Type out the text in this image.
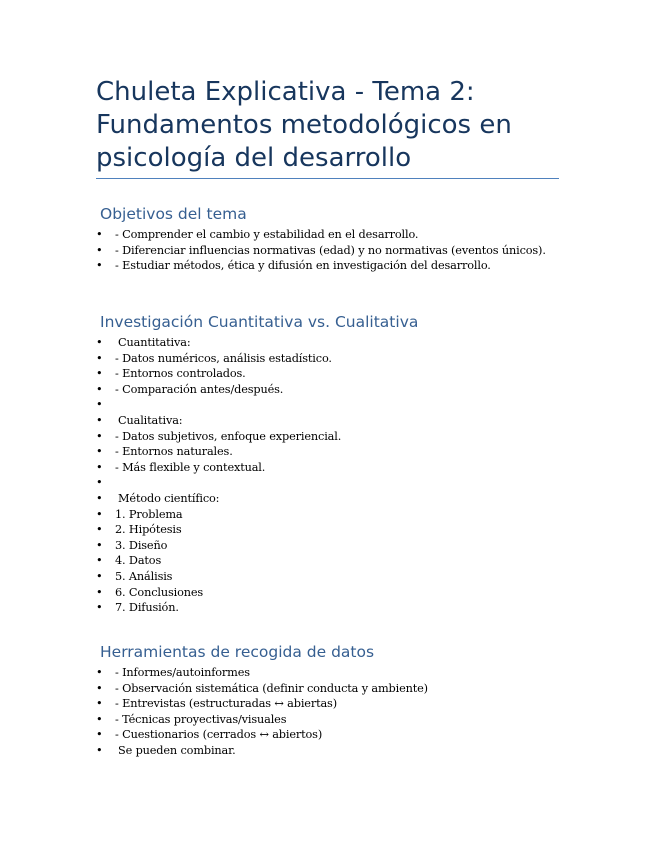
Chuleta Explicativa - Tema 2: Fundamentos metodológicos en psicología del desarrollo
Objetivos del tema
• - Comprender el cambio y estabilidad en el desarrollo.
• - Diferenciar influencias normativas (edad) y no normativas (eventos únicos).
• - Estudiar métodos, ética y difusión en investigación del desarrollo.
Investigación Cuantitativa vs. Cualitativa
• Cuantitativa:
• - Datos numéricos, análisis estadístico.
• - Entornos controlados.
• - Comparación antes/después.
•
• Cualitativa:
• - Datos subjetivos, enfoque experiencial.
• - Entornos naturales.
• - Más flexible y contextual.
•
• Método científico:
• 1. Problema
• 2. Hipótesis
• 3. Diseño
• 4. Datos
• 5. Análisis
• 6. Conclusiones
• 7. Difusión.
Herramientas de recogida de datos
• - Informes/autoinformes
• - Observación sistemática (definir conducta y ambiente)
• - Entrevistas (estructuradas ↔ abiertas)
• - Técnicas proyectivas/visuales
• - Cuestionarios (cerrados ↔ abiertos)
• Se pueden combinar.
